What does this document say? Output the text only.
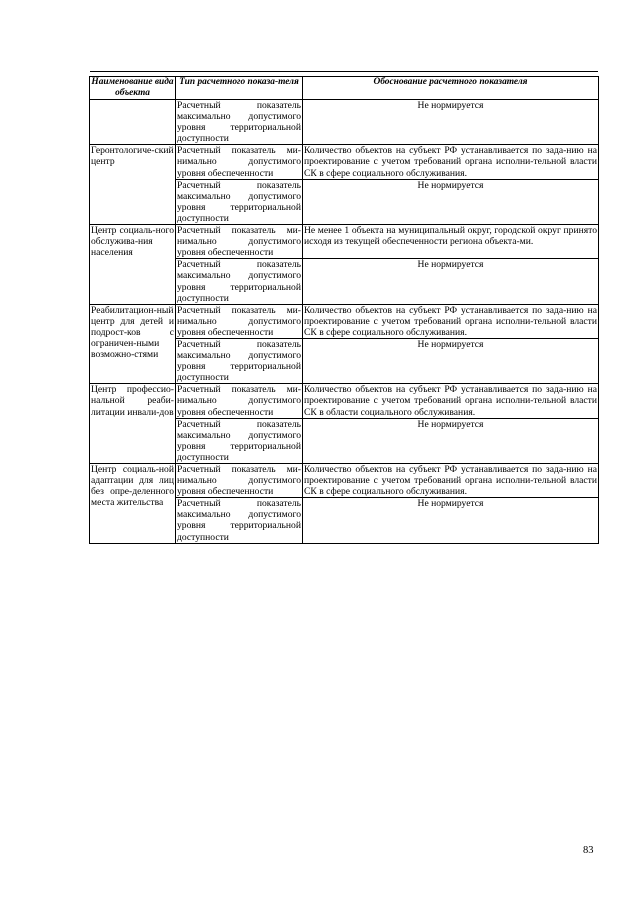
Наименование вида объекта	Тип расчетного показа-теля	Обоснование расчетного показателя
	Расчетный показатель максимально допустимого уровня территориальной доступности	Не нормируется
Геронтологиче-ский центр	Расчетный показатель ми-нимально допустимого уровня обеспеченности	Количество объектов на субъект РФ устанавливается по зада-нию на проектирование с учетом требований органа исполни-тельной власти СК в сфере социального обслуживания.
	Расчетный показатель максимально допустимого уровня территориальной доступности	Не нормируется
Центр социаль-ного обслужива-ния населения	Расчетный показатель ми-нимально допустимого уровня обеспеченности	Не менее 1 объекта на муниципальный округ, городской округ принято исходя из текущей обеспеченности региона объекта-ми.
	Расчетный показатель максимально допустимого уровня территориальной доступности	Не нормируется
Реабилитацион-ный центр для детей и подрост-ков с ограничен-ными возможно-стями	Расчетный показатель ми-нимально допустимого уровня обеспеченности	Количество объектов на субъект РФ устанавливается по зада-нию на проектирование с учетом требований органа исполни-тельной власти СК в сфере социального обслуживания.
	Расчетный показатель максимально допустимого уровня территориальной доступности	Не нормируется
Центр профессио-нальной реаби-литации инвали-дов	Расчетный показатель ми-нимально допустимого уровня обеспеченности	Количество объектов на субъект РФ устанавливается по зада-нию на проектирование с учетом требований органа исполни-тельной власти СК в области социального обслуживания.
	Расчетный показатель максимально допустимого уровня территориальной доступности	Не нормируется
Центр социаль-ной адаптации для лиц без опре-деленного места жительства	Расчетный показатель ми-нимально допустимого уровня обеспеченности	Количество объектов на субъект РФ устанавливается по зада-нию на проектирование с учетом требований органа исполни-тельной власти СК в сфере социального обслуживания.
	Расчетный показатель максимально допустимого уровня территориальной доступности	Не нормируется
83
